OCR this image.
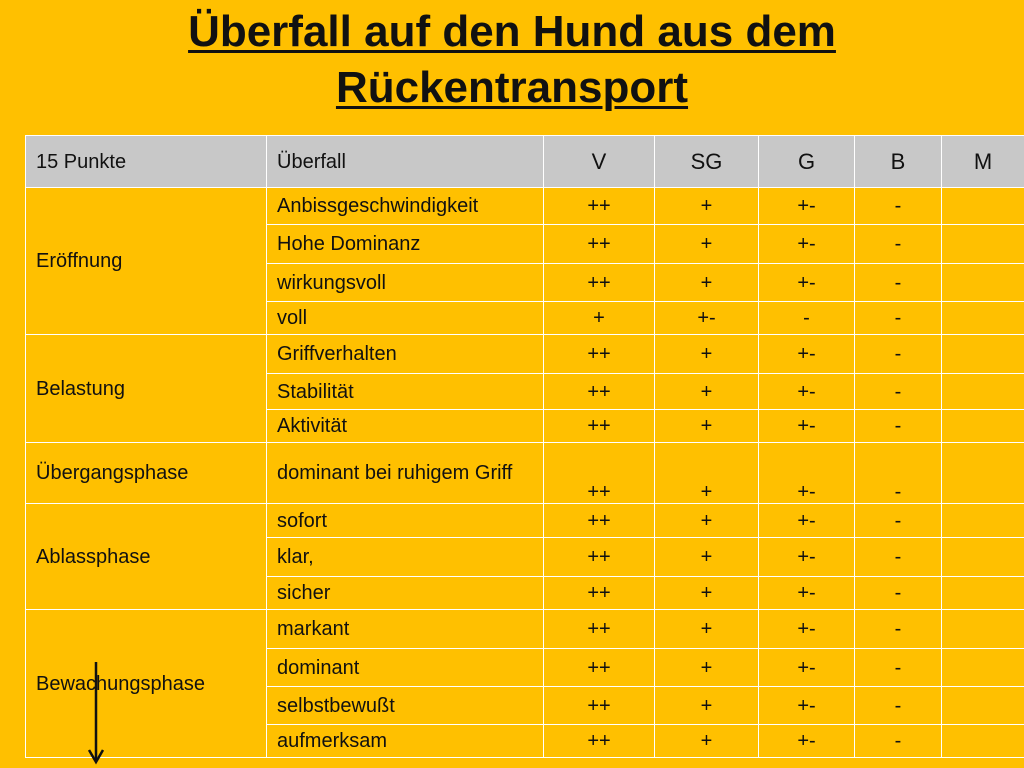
Überfall auf den Hund aus dem
Rückentransport
15 Punkte	Überfall	V	SG	G	B	M
Eröffnung	Anbissgeschwindigkeit	++	+	+-	-	
	Hohe Dominanz	++	+	+-	-	
	wirkungsvoll	++	+	+-	-	
	voll	+	+-	-	-	
Belastung	Griffverhalten	++	+	+-	-	
	Stabilität	++	+	+-	-	
	Aktivität	++	+	+-	-	
Übergangsphase	dominant bei ruhigem Griff	++	+	+-	-	
Ablassphase	sofort	++	+	+-	-	
	klar,	++	+	+-	-	
	sicher	++	+	+-	-	
Bewachungsphase	markant	++	+	+-	-	
	dominant	++	+	+-	-	
	selbstbewußt	++	+	+-	-	
	aufmerksam	++	+	+-	-	
